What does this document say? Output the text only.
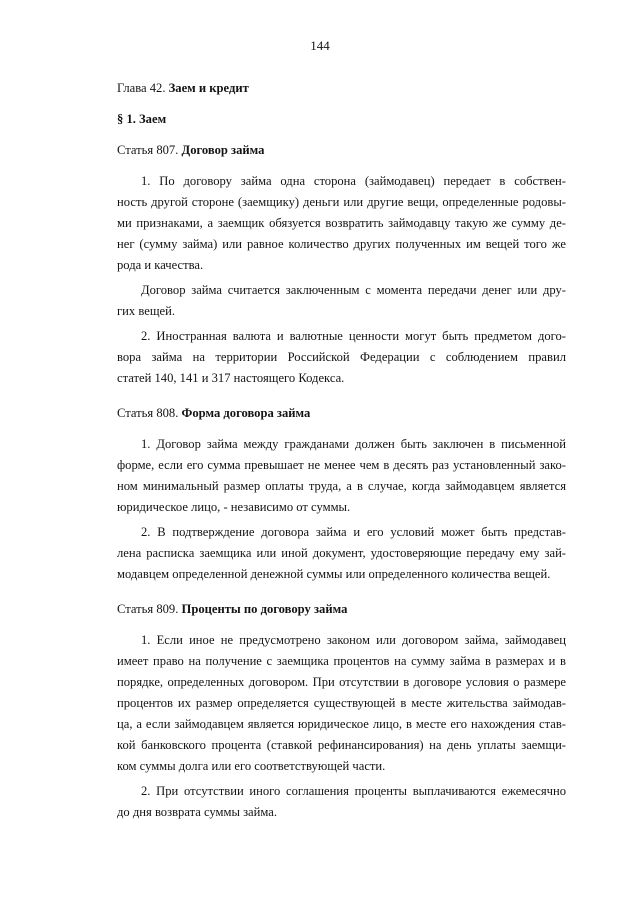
144
Глава 42. Заем и кредит
§ 1. Заем
Статья 807. Договор займа
1. По договору займа одна сторона (займодавец) передает в собствен-
ность другой стороне (заемщику) деньги или другие вещи, определенные родовы-
ми признаками, а заемщик обязуется возвратить займодавцу такую же сумму де-
нег (сумму займа) или равное количество других полученных им вещей того же
рода и качества.
Договор займа считается заключенным с момента передачи денег или дру-
гих вещей.
2. Иностранная валюта и валютные ценности могут быть предметом дого-
вора займа на территории Российской Федерации с соблюдением правил
статей 140, 141 и 317 настоящего Кодекса.
Статья 808. Форма договора займа
1. Договор займа между гражданами должен быть заключен в письменной
форме, если его сумма превышает не менее чем в десять раз установленный зако-
ном минимальный размер оплаты труда, а в случае, когда займодавцем является
юридическое лицо, - независимо от суммы.
2. В подтверждение договора займа и его условий может быть представ-
лена расписка заемщика или иной документ, удостоверяющие передачу ему зай-
модавцем определенной денежной суммы или определенного количества вещей.
Статья 809. Проценты по договору займа
1. Если иное не предусмотрено законом или договором займа, займодавец
имеет право на получение с заемщика процентов на сумму займа в размерах и в
порядке, определенных договором. При отсутствии в договоре условия о размере
процентов их размер определяется существующей в месте жительства займодав-
ца, а если займодавцем является юридическое лицо, в месте его нахождения став-
кой банковского процента (ставкой рефинансирования) на день уплаты заемщи-
ком суммы долга или его соответствующей части.
2. При отсутствии иного соглашения проценты выплачиваются ежемесячно
до дня возврата суммы займа.
